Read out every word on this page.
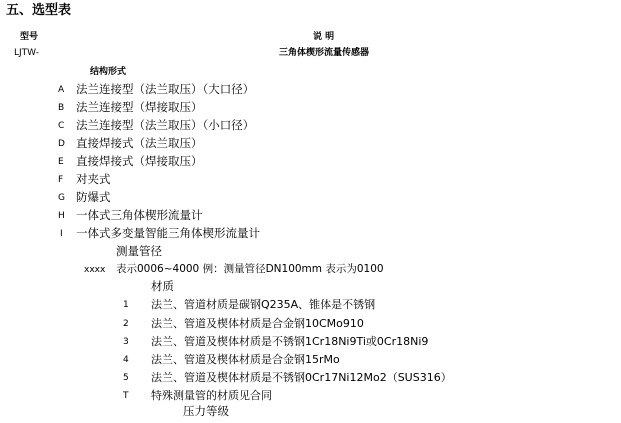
五、选型表
型号	说 明
LJTW-	三角体楔形流量传感器
结构形式
A 法兰连接型（法兰取压）（大口径）
B 法兰连接型（焊接取压）
C 法兰连接型（法兰取压）（小口径）
D 直接焊接式（法兰取压）
E 直接焊接式（焊接取压）
F 对夹式
G 防爆式
H 一体式三角体楔形流量计
I 一体式多变量智能三角体楔形流量计
测量管径
xxxx 表示0006~4000 例：测量管径DN100mm 表示为0100
材质
1 法兰、管道材质是碳钢Q235A、锥体是不锈钢
2 法兰、管道及楔体材质是合金钢10CMo910
3 法兰、管道及楔体材质是不锈钢1Cr18Ni9Ti或0Cr18Ni9
4 法兰、管道及楔体材质是合金钢15rMo
5 法兰、管道及楔体材质是不锈钢0Cr17Ni12Mo2（SUS316）
T 特殊测量管的材质见合同
压力等级
